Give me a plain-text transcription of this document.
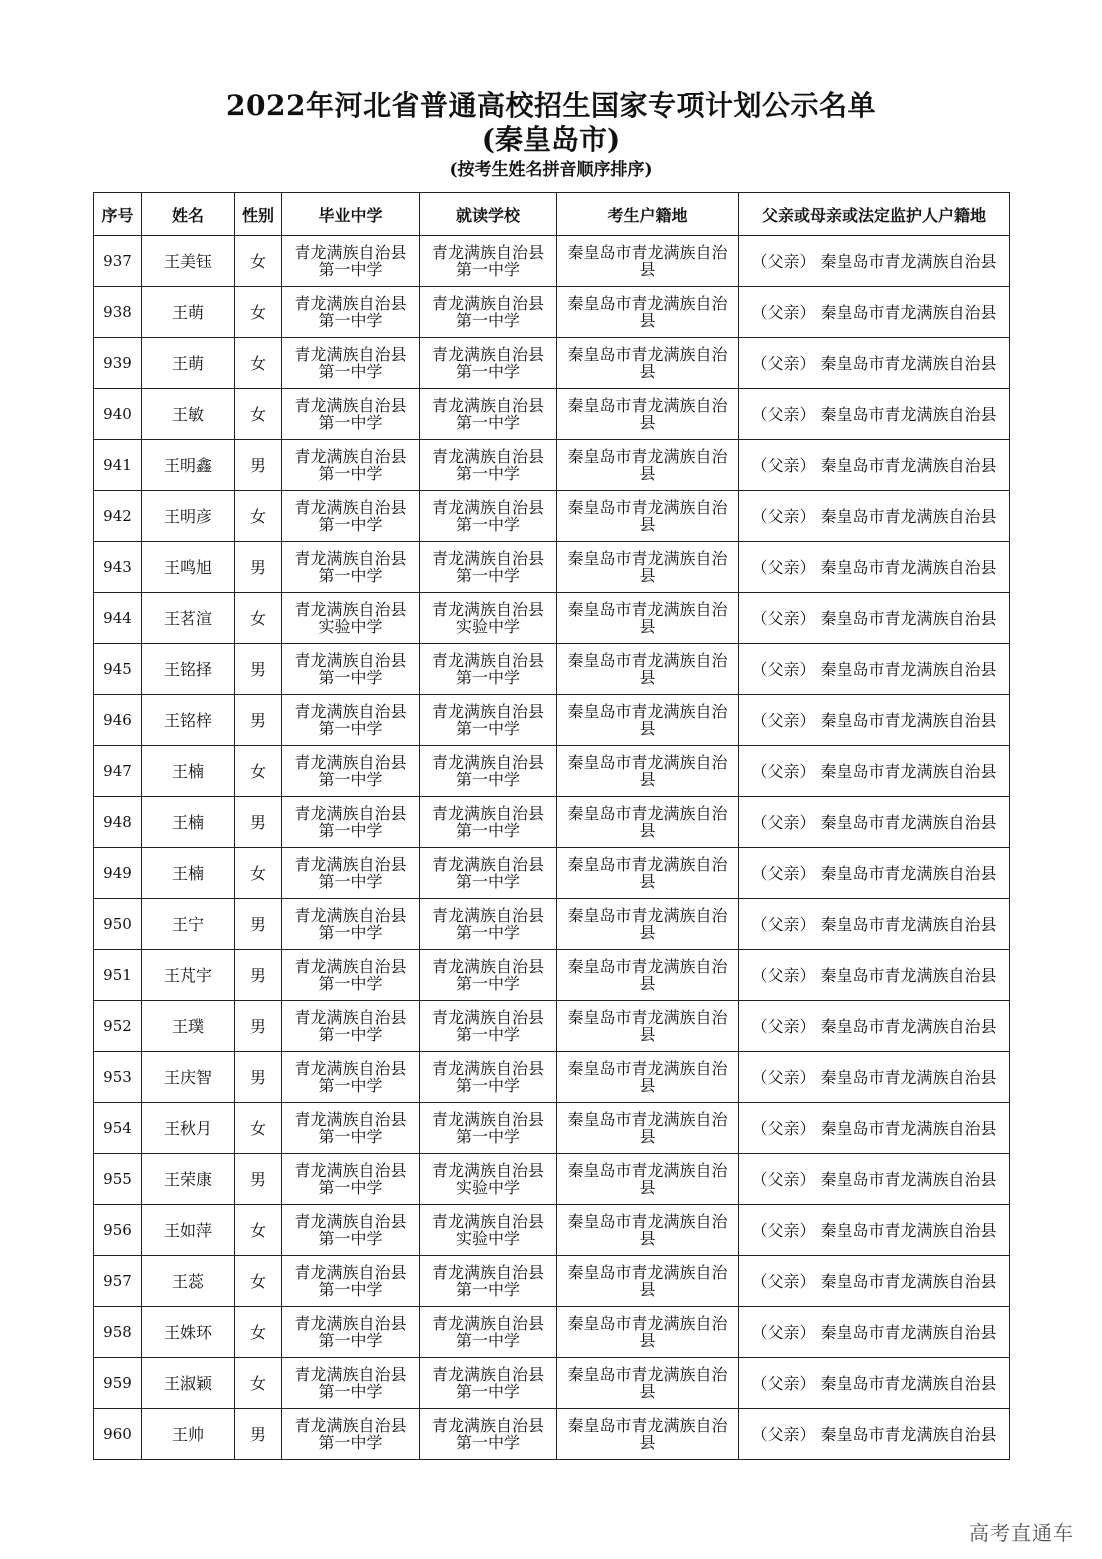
2022年河北省普通高校招生国家专项计划公示名单
(秦皇岛市)
(按考生姓名拼音顺序排序)
序号	姓名	性别	毕业中学	就读学校	考生户籍地	父亲或母亲或法定监护人户籍地
937	王美钰	女	青龙满族自治县第一中学	青龙满族自治县第一中学	秦皇岛市青龙满族自治县	（父亲） 秦皇岛市青龙满族自治县
938	王萌	女	青龙满族自治县第一中学	青龙满族自治县第一中学	秦皇岛市青龙满族自治县	（父亲） 秦皇岛市青龙满族自治县
939	王萌	女	青龙满族自治县第一中学	青龙满族自治县第一中学	秦皇岛市青龙满族自治县	（父亲） 秦皇岛市青龙满族自治县
940	王敏	女	青龙满族自治县第一中学	青龙满族自治县第一中学	秦皇岛市青龙满族自治县	（父亲） 秦皇岛市青龙满族自治县
941	王明鑫	男	青龙满族自治县第一中学	青龙满族自治县第一中学	秦皇岛市青龙满族自治县	（父亲） 秦皇岛市青龙满族自治县
942	王明彦	女	青龙满族自治县第一中学	青龙满族自治县第一中学	秦皇岛市青龙满族自治县	（父亲） 秦皇岛市青龙满族自治县
943	王鸣旭	男	青龙满族自治县第一中学	青龙满族自治县第一中学	秦皇岛市青龙满族自治县	（父亲） 秦皇岛市青龙满族自治县
944	王茗渲	女	青龙满族自治县实验中学	青龙满族自治县实验中学	秦皇岛市青龙满族自治县	（父亲） 秦皇岛市青龙满族自治县
945	王铭择	男	青龙满族自治县第一中学	青龙满族自治县第一中学	秦皇岛市青龙满族自治县	（父亲） 秦皇岛市青龙满族自治县
946	王铭梓	男	青龙满族自治县第一中学	青龙满族自治县第一中学	秦皇岛市青龙满族自治县	（父亲） 秦皇岛市青龙满族自治县
947	王楠	女	青龙满族自治县第一中学	青龙满族自治县第一中学	秦皇岛市青龙满族自治县	（父亲） 秦皇岛市青龙满族自治县
948	王楠	男	青龙满族自治县第一中学	青龙满族自治县第一中学	秦皇岛市青龙满族自治县	（父亲） 秦皇岛市青龙满族自治县
949	王楠	女	青龙满族自治县第一中学	青龙满族自治县第一中学	秦皇岛市青龙满族自治县	（父亲） 秦皇岛市青龙满族自治县
950	王宁	男	青龙满族自治县第一中学	青龙满族自治县第一中学	秦皇岛市青龙满族自治县	（父亲） 秦皇岛市青龙满族自治县
951	王芃宇	男	青龙满族自治县第一中学	青龙满族自治县第一中学	秦皇岛市青龙满族自治县	（父亲） 秦皇岛市青龙满族自治县
952	王璞	男	青龙满族自治县第一中学	青龙满族自治县第一中学	秦皇岛市青龙满族自治县	（父亲） 秦皇岛市青龙满族自治县
953	王庆智	男	青龙满族自治县第一中学	青龙满族自治县第一中学	秦皇岛市青龙满族自治县	（父亲） 秦皇岛市青龙满族自治县
954	王秋月	女	青龙满族自治县第一中学	青龙满族自治县第一中学	秦皇岛市青龙满族自治县	（父亲） 秦皇岛市青龙满族自治县
955	王荣康	男	青龙满族自治县第一中学	青龙满族自治县实验中学	秦皇岛市青龙满族自治县	（父亲） 秦皇岛市青龙满族自治县
956	王如萍	女	青龙满族自治县第一中学	青龙满族自治县实验中学	秦皇岛市青龙满族自治县	（父亲） 秦皇岛市青龙满族自治县
957	王蕊	女	青龙满族自治县第一中学	青龙满族自治县第一中学	秦皇岛市青龙满族自治县	（父亲） 秦皇岛市青龙满族自治县
958	王姝环	女	青龙满族自治县第一中学	青龙满族自治县第一中学	秦皇岛市青龙满族自治县	（父亲） 秦皇岛市青龙满族自治县
959	王淑颖	女	青龙满族自治县第一中学	青龙满族自治县第一中学	秦皇岛市青龙满族自治县	（父亲） 秦皇岛市青龙满族自治县
960	王帅	男	青龙满族自治县第一中学	青龙满族自治县第一中学	秦皇岛市青龙满族自治县	（父亲） 秦皇岛市青龙满族自治县
高考直通车
